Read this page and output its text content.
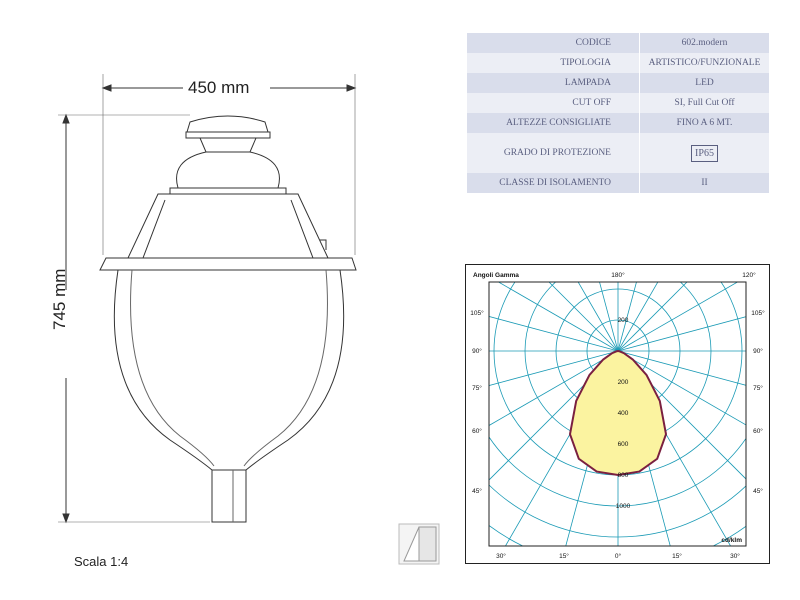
450 mm
745 mm
Scala 1:4
CODICE	602.modern
TIPOLOGIA	ARTISTICO/FUNZIONALE
LAMPADA	LED
CUT OFF	SI, Full Cut Off
ALTEZZE CONSIGLIATE	FINO A 6 MT.
GRADO DI PROTEZIONE	IP65
CLASSE DI ISOLAMENTO	II
Angoli Gamma	180°	120°
105°	105°
90°	90°
75°	75°
60°	60°
45°	45°
30°	15°	0°	15°	30°
200
200
400
600
800
1000
cd/klm
